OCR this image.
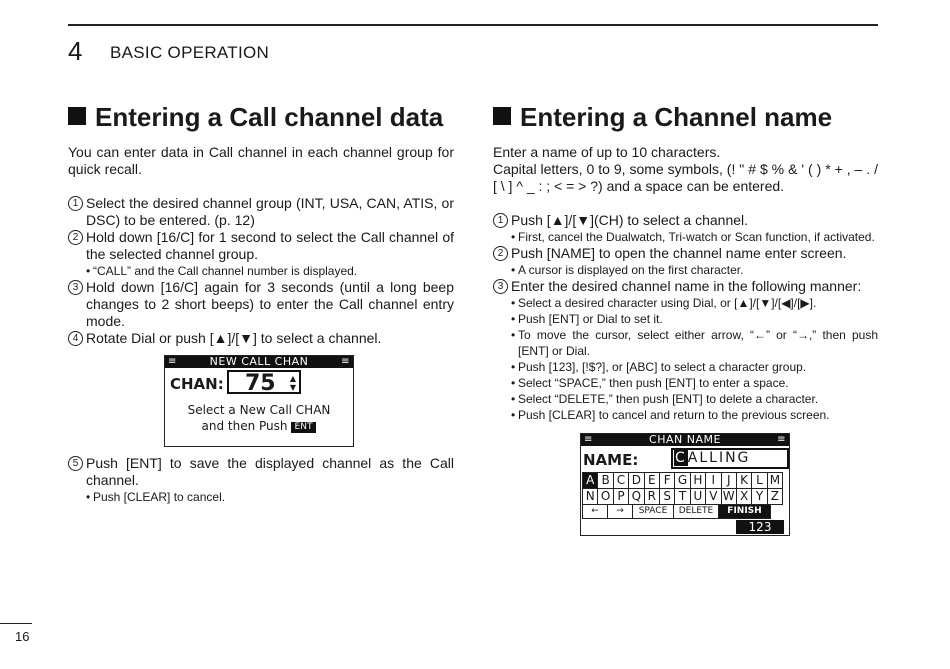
4 BASIC OPERATION
Entering a Call channel data

You can enter data in Call channel in each channel group for quick recall.

1 Select the desired channel group (INT, USA, CAN, ATIS, or DSC) to be entered. (p. 12)
2 Hold down [16/C] for 1 second to select the Call channel of the selected channel group.
• “CALL” and the Call channel number is displayed.
3 Hold down [16/C] again for 3 seconds (until a long beep changes to 2 short beeps) to enter the Call channel entry mode.
4 Rotate Dial or push [▲]/[▼] to select a channel.
≡	NEW CALL CHAN	≡
CHAN: 75 ▲
▼
Select a New Call CHAN
and then Push ENT
5 Push [ENT] to save the displayed channel as the Call channel.
• Push [CLEAR] to cancel.
Entering a Channel name

Enter a name of up to 10 characters.

Capital letters, 0 to 9, some symbols, (! " # $ % & ' ( ) * + , – . / [ \ ] ^ _ : ; < = > ?) and a space can be entered.

1 Push [▲]/[▼](CH) to select a channel.
• First, cancel the Dualwatch, Tri-watch or Scan function, if activated.
2 Push [NAME] to open the channel name enter screen.
• A cursor is displayed on the first character.
3 Enter the desired channel name in the following manner:
• Select a desired character using Dial, or [▲]/[▼]/[◀]/[▶].
• Push [ENT] or Dial to set it.
• To move the cursor, select either arrow, “←” or “→,” then push [ENT] or Dial.
• Push [123], [!$?], or [ABC] to select a character group.
• Select “SPACE,” then push [ENT] to enter a space.
• Select “DELETE,” then push [ENT] to delete a character.
• Push [CLEAR] to cancel and return to the previous screen.
≡	CHAN NAME	≡
NAME:	CALLING
A B C D E F G H I J K L M
N O P Q R S T U V W X Y Z
←	→	SPACE	DELETE	FINISH
123
16
